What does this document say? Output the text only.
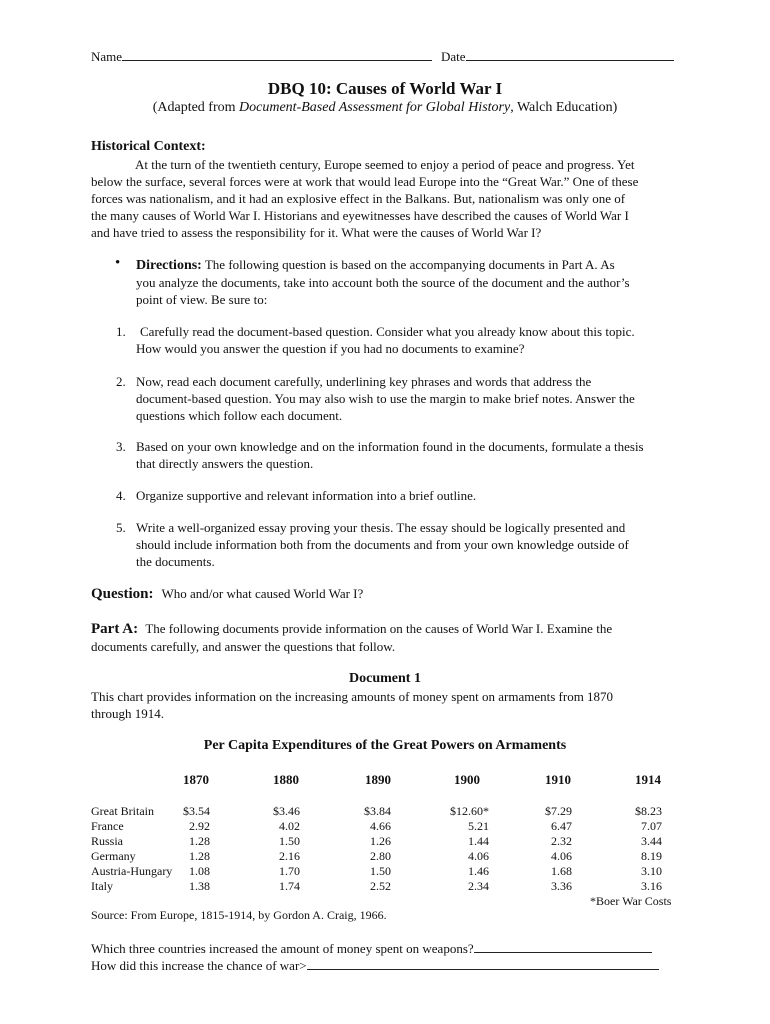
Name	Date
DBQ 10: Causes of World War I
(Adapted from Document-Based Assessment for Global History, Walch Education)
Historical Context:

At the turn of the twentieth century, Europe seemed to enjoy a period of peace and progress. Yet

below the surface, several forces were at work that would lead Europe into the “Great War.” One of these

forces was nationalism, and it had an explosive effect in the Balkans. But, nationalism was only one of

the many causes of World War I. Historians and eyewitnesses have described the causes of World War I

and have tried to assess the responsibility for it. What were the causes of World War I?

• Directions: The following question is based on the accompanying documents in Part A. As

you analyze the documents, take into account both the source of the document and the author’s

point of view. Be sure to:

1. Carefully read the document-based question. Consider what you already know about this topic.

How would you answer the question if you had no documents to examine?

2. Now, read each document carefully, underlining key phrases and words that address the

document-based question. You may also wish to use the margin to make brief notes. Answer the

questions which follow each document.

3. Based on your own knowledge and on the information found in the documents, formulate a thesis

that directly answers the question.

4. Organize supportive and relevant information into a brief outline.

5. Write a well-organized essay proving your thesis. The essay should be logically presented and

should include information both from the documents and from your own knowledge outside of

the documents.

Question: Who and/or what caused World War I?

Part A: The following documents provide information on the causes of World War I. Examine the

documents carefully, and answer the questions that follow.

Document 1

This chart provides information on the increasing amounts of money spent on armaments from 1870

through 1914.

Per Capita Expenditures of the Great Powers on Armaments
1870	1880	1890	1900	1910	1914
Great Britain	$3.54	$3.46	$3.84	$12.60*	$7.29	$8.23
France	2.92	4.02	4.66	5.21	6.47	7.07
Russia	1.28	1.50	1.26	1.44	2.32	3.44
Germany	1.28	2.16	2.80	4.06	4.06	8.19
Austria-Hungary	1.08	1.70	1.50	1.46	1.68	3.10
Italy	1.38	1.74	2.52	2.34	3.36	3.16
*Boer War Costs
Source: From Europe, 1815-1914, by Gordon A. Craig, 1966.
Which three countries increased the amount of money spent on weapons?
How did this increase the chance of war>
